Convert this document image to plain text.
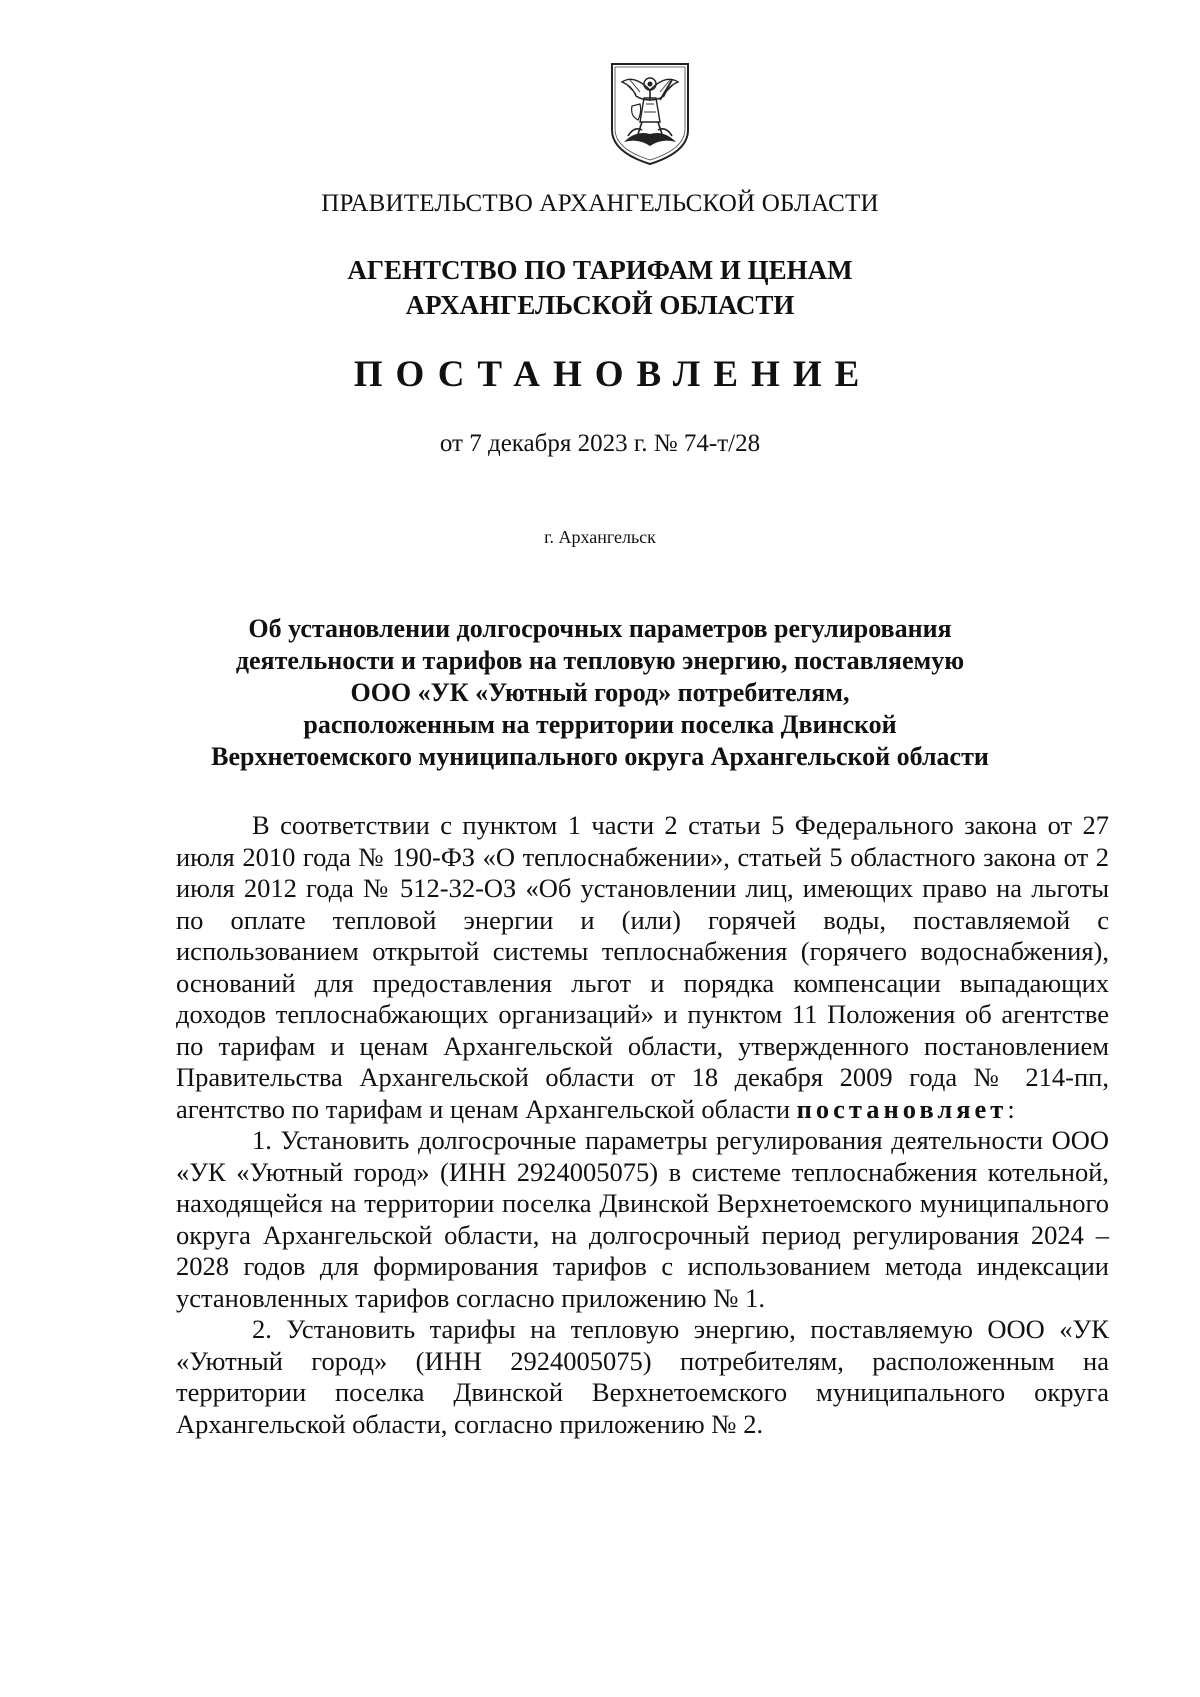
ПРАВИТЕЛЬСТВО АРХАНГЕЛЬСКОЙ ОБЛАСТИ
АГЕНТСТВО ПО ТАРИФАМ И ЦЕНАМ
АРХАНГЕЛЬСКОЙ ОБЛАСТИ
ПОСТАНОВЛЕНИЕ
от 7 декабря 2023 г. № 74-т/28
г. Архангельск
Об установлении долгосрочных параметров регулирования
деятельности и тарифов на тепловую энергию, поставляемую
ООО «УК «Уютный город» потребителям,
расположенным на территории поселка Двинской
Верхнетоемского муниципального округа Архангельской области

В соответствии с пунктом 1 части 2 статьи 5 Федерального закона от 27 июля 2010 года № 190-ФЗ «О теплоснабжении», статьей 5 областного закона от 2 июля 2012 года № 512-32-ОЗ «Об установлении лиц, имеющих право на льготы по оплате тепловой энергии и (или) горячей воды, поставляемой с использованием открытой системы теплоснабжения (горячего водоснабжения), оснований для предоставления льгот и порядка компенсации выпадающих доходов теплоснабжающих организаций» и пунктом 11 Положения об агентстве по тарифам и ценам Архангельской области, утвержденного постановлением Правительства Архангельской области от 18 декабря 2009 года № 214-пп, агентство по тарифам и ценам Архангельской области постановляет:

1. Установить долгосрочные параметры регулирования деятельности ООО «УК «Уютный город» (ИНН 2924005075) в системе теплоснабжения котельной, находящейся на территории поселка Двинской Верхнетоемского муниципального округа Архангельской области, на долгосрочный период регулирования 2024 – 2028 годов для формирования тарифов с использованием метода индексации установленных тарифов согласно приложению № 1.

2. Установить тарифы на тепловую энергию, поставляемую ООО «УК «Уютный город» (ИНН 2924005075) потребителям, расположенным на территории поселка Двинской Верхнетоемского муниципального округа Архангельской области, согласно приложению № 2.
